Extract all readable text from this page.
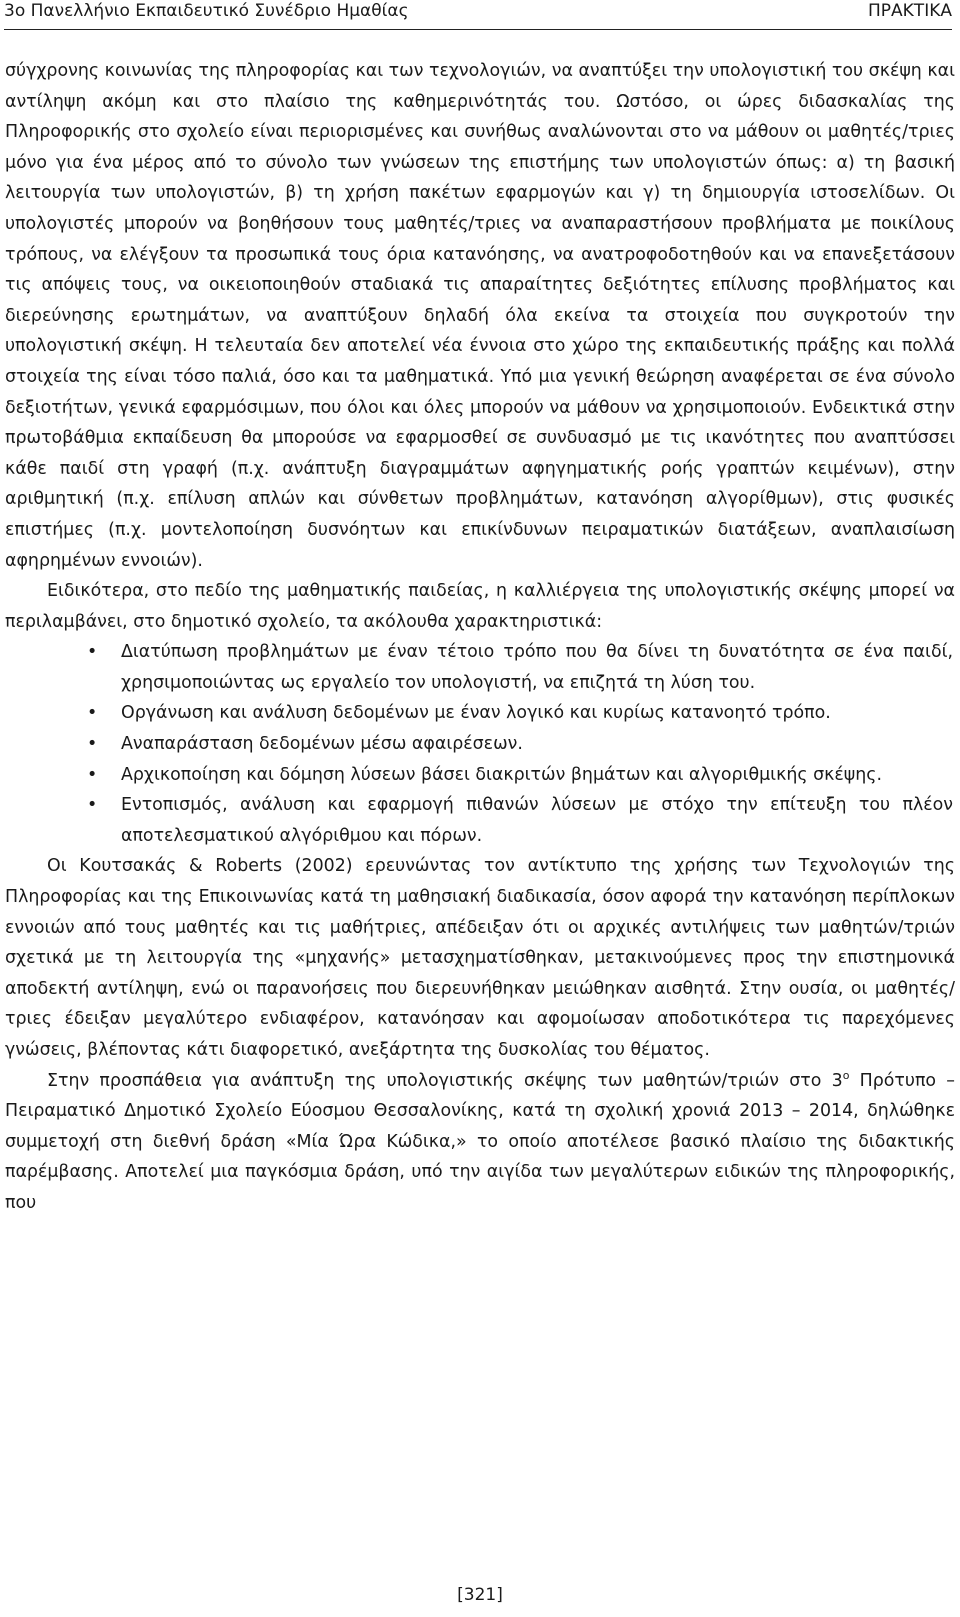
3ο Πανελλήνιο Εκπαιδευτικό Συνέδριο Ημαθίας	ΠΡΑΚΤΙΚΑ

σύγχρονης κοινωνίας της πληροφορίας και των τεχνολογιών, να αναπτύξει την υπολογιστική του σκέψη και αντίληψη ακόμη και στο πλαίσιο της καθημερινότητάς του. Ωστόσο, οι ώρες διδασκαλίας της Πληροφορικής στο σχολείο είναι περιορισμένες και συνήθως αναλώνονται στο να μάθουν οι μαθητές/τριες μόνο για ένα μέρος από το σύνολο των γνώσεων της επιστήμης των υπολογιστών όπως: α) τη βασική λειτουργία των υπολογιστών, β) τη χρήση πακέτων εφαρμογών και γ) τη δημιουργία ιστοσελίδων. Οι υπολογιστές μπορούν να βοηθήσουν τους μαθητές/τριες να αναπαραστήσουν προβλήματα με ποικίλους τρόπους, να ελέγξουν τα προσωπικά τους όρια κατανόησης, να ανατροφοδοτηθούν και να επανεξετάσουν τις απόψεις τους, να οικειοποιηθούν σταδιακά τις απαραίτητες δεξιότητες επίλυσης προβλήματος και διερεύνησης ερωτημάτων, να αναπτύξουν δηλαδή όλα εκείνα τα στοιχεία που συγκροτούν την υπολογιστική σκέψη. Η τελευταία δεν αποτελεί νέα έννοια στο χώρο της εκπαιδευτικής πράξης και πολλά στοιχεία της είναι τόσο παλιά, όσο και τα μαθηματικά. Υπό μια γενική θεώρηση αναφέρεται σε ένα σύνολο δεξιοτήτων, γενικά εφαρμόσιμων, που όλοι και όλες μπορούν να μάθουν να χρησιμοποιούν. Ενδεικτικά στην πρωτοβάθμια εκπαίδευση θα μπορούσε να εφαρμοσθεί σε συνδυασμό με τις ικανότητες που αναπτύσσει κάθε παιδί στη γραφή (π.χ. ανάπτυξη διαγραμμάτων αφηγηματικής ροής γραπτών κειμένων), στην αριθμητική (π.χ. επίλυση απλών και σύνθετων προβλημάτων, κατανόηση αλγορίθμων), στις φυσικές επιστήμες (π.χ. μοντελοποίηση δυσνόητων και επικίνδυνων πειραματικών διατάξεων, αναπλαισίωση αφηρημένων εννοιών).

Ειδικότερα, στο πεδίο της μαθηματικής παιδείας, η καλλιέργεια της υπολογιστικής σκέψης μπορεί να περιλαμβάνει, στο δημοτικό σχολείο, τα ακόλουθα χαρακτηριστικά:

• Διατύπωση προβλημάτων με έναν τέτοιο τρόπο που θα δίνει τη δυνατότητα σε ένα παιδί, χρησιμοποιώντας ως εργαλείο τον υπολογιστή, να επιζητά τη λύση του.
• Οργάνωση και ανάλυση δεδομένων με έναν λογικό και κυρίως κατανοητό τρόπο.
• Αναπαράσταση δεδομένων μέσω αφαιρέσεων.
• Αρχικοποίηση και δόμηση λύσεων βάσει διακριτών βημάτων και αλγοριθμικής σκέψης.
• Εντοπισμός, ανάλυση και εφαρμογή πιθανών λύσεων με στόχο την επίτευξη του πλέον αποτελεσματικού αλγόριθμου και πόρων.

Οι Κουτσακάς & Roberts (2002) ερευνώντας τον αντίκτυπο της χρήσης των Τεχνολογιών της Πληροφορίας και της Επικοινωνίας κατά τη μαθησιακή διαδικασία, όσον αφορά την κατανόηση περίπλοκων εννοιών από τους μαθητές και τις μαθήτριες, απέδειξαν ότι οι αρχικές αντιλήψεις των μαθητών/τριών σχετικά με τη λειτουργία της «μηχανής» μετασχηματίσθηκαν, μετακινούμενες προς την επιστημονικά αποδεκτή αντίληψη, ενώ οι παρανοήσεις που διερευνήθηκαν μειώθηκαν αισθητά. Στην ουσία, οι μαθητές/τριες έδειξαν μεγαλύτερο ενδιαφέρον, κατανόησαν και αφομοίωσαν αποδοτικότερα τις παρεχόμενες γνώσεις, βλέποντας κάτι διαφορετικό, ανεξάρτητα της δυσκολίας του θέματος.

Στην προσπάθεια για ανάπτυξη της υπολογιστικής σκέψης των μαθητών/τριών στο $3^o$ Πρότυπο – Πειραματικό Δημοτικό Σχολείο Εύοσμου Θεσσαλονίκης, κατά τη σχολική χρονιά 2013 – 2014, δηλώθηκε συμμετοχή στη διεθνή δράση «Μία Ώρα Κώδικα,» το οποίο αποτέλεσε βασικό πλαίσιο της διδακτικής παρέμβασης. Αποτελεί μια παγκόσμια δράση, υπό την αιγίδα των μεγαλύτερων ειδικών της πληροφορικής, που

[321]
